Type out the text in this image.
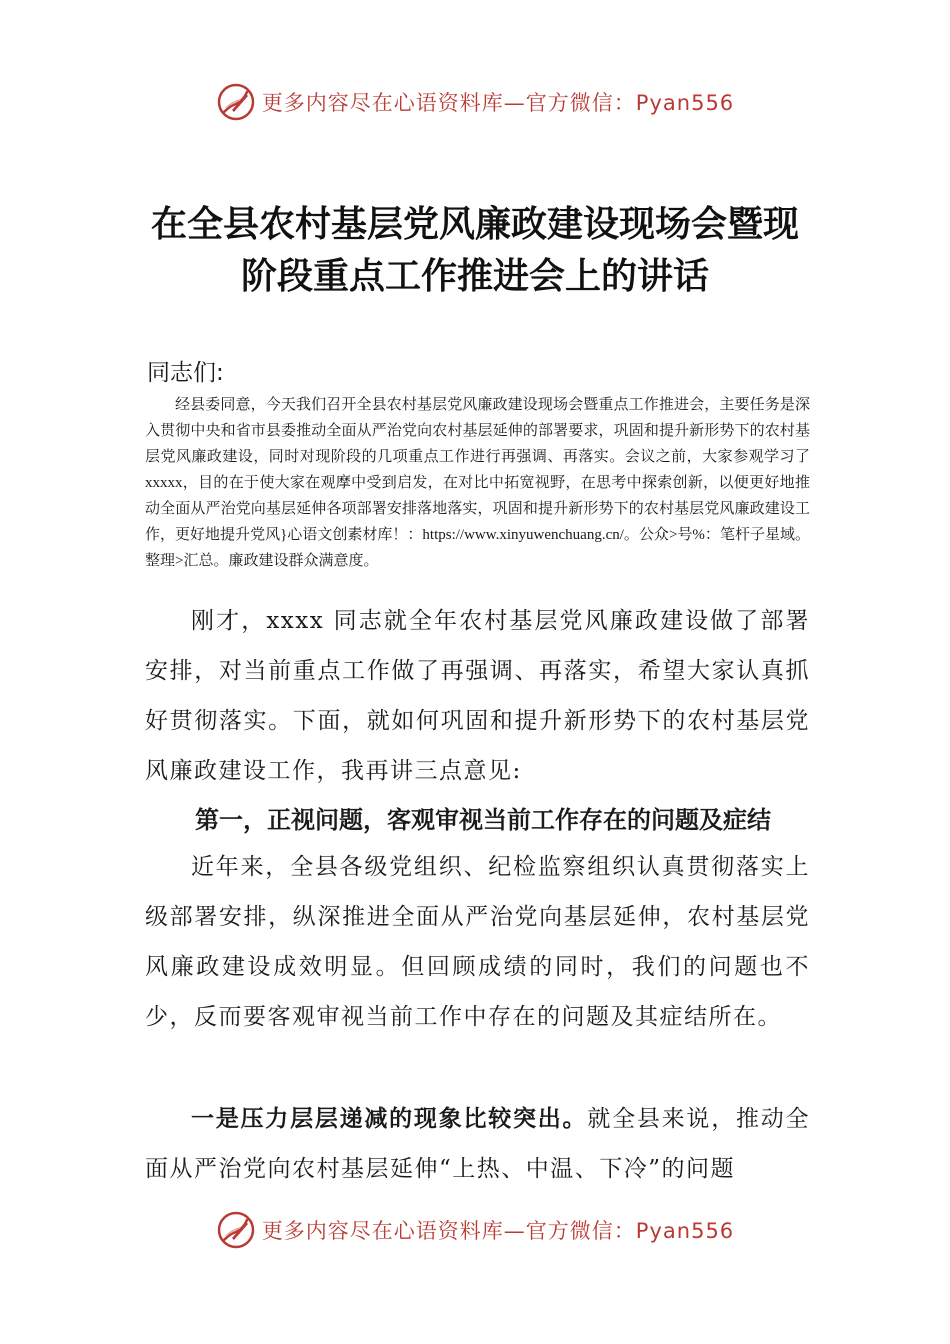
更多内容尽在心语资料库—官方微信：Pyan556
在全县农村基层党风廉政建设现场会暨现
阶段重点工作推进会上的讲话
同志们:

经县委同意，今天我们召开全县农村基层党风廉政建设现场会暨重点工作推进会，主要任务是深入贯彻中央和省市县委推动全面从严治党向农村基层延伸的部署要求，巩固和提升新形势下的农村基层党风廉政建设，同时对现阶段的几项重点工作进行再强调、再落实。会议之前，大家参观学习了 xxxxx，目的在于使大家在观摩中受到启发，在对比中拓宽视野，在思考中探索创新，以便更好地推动全面从严治党向基层延伸各项部署安排落地落实，巩固和提升新形势下的农村基层党风廉政建设工作，更好地提升党风}心语文创素材库！：https://www.xinyuwenchuang.cn/。公众>号%：笔杆子星域。整理>汇总。廉政建设群众满意度。

刚才，xxxx 同志就全年农村基层党风廉政建设做了部署安排，对当前重点工作做了再强调、再落实，希望大家认真抓好贯彻落实。下面，就如何巩固和提升新形势下的农村基层党风廉政建设工作，我再讲三点意见:

第一，正视问题，客观审视当前工作存在的问题及症结

近年来，全县各级党组织、纪检监察组织认真贯彻落实上级部署安排，纵深推进全面从严治党向基层延伸，农村基层党风廉政建设成效明显。但回顾成绩的同时，我们的问题也不少，反而要客观审视当前工作中存在的问题及其症结所在。

一是压力层层递减的现象比较突出。就全县来说，推动全面从严治党向农村基层延伸“上热、中温、下冷”的问题

更多内容尽在心语资料库—官方微信：Pyan556
